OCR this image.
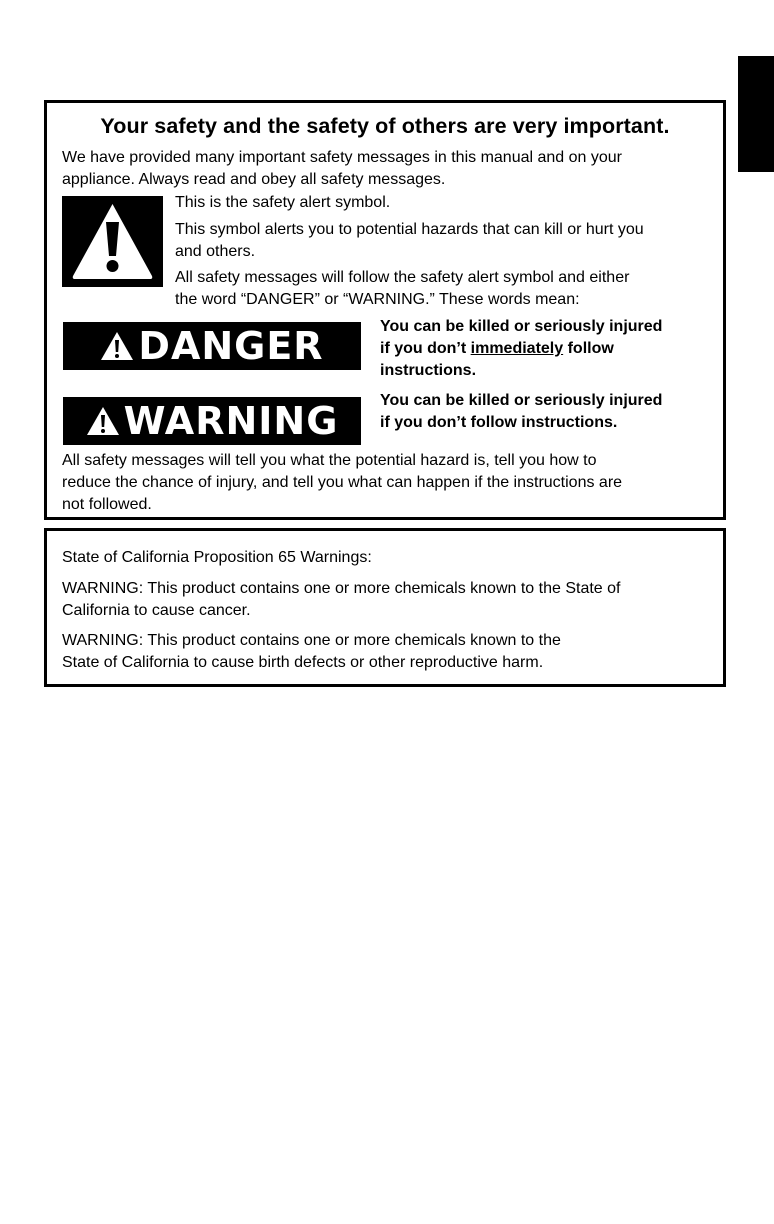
Your safety and the safety of others are very important.
We have provided many important safety messages in this manual and on your
appliance. Always read and obey all safety messages.
This is the safety alert symbol.
This symbol alerts you to potential hazards that can kill or hurt you
and others.
All safety messages will follow the safety alert symbol and either
the word “DANGER” or “WARNING.” These words mean:
DANGER	You can be killed or seriously injured
if you don’t immediately follow
instructions.
WARNING	You can be killed or seriously injured
if you don’t follow instructions.
All safety messages will tell you what the potential hazard is, tell you how to
reduce the chance of injury, and tell you what can happen if the instructions are
not followed.
State of California Proposition 65 Warnings:
WARNING: This product contains one or more chemicals known to the State of
California to cause cancer.
WARNING: This product contains one or more chemicals known to the
State of California to cause birth defects or other reproductive harm.
